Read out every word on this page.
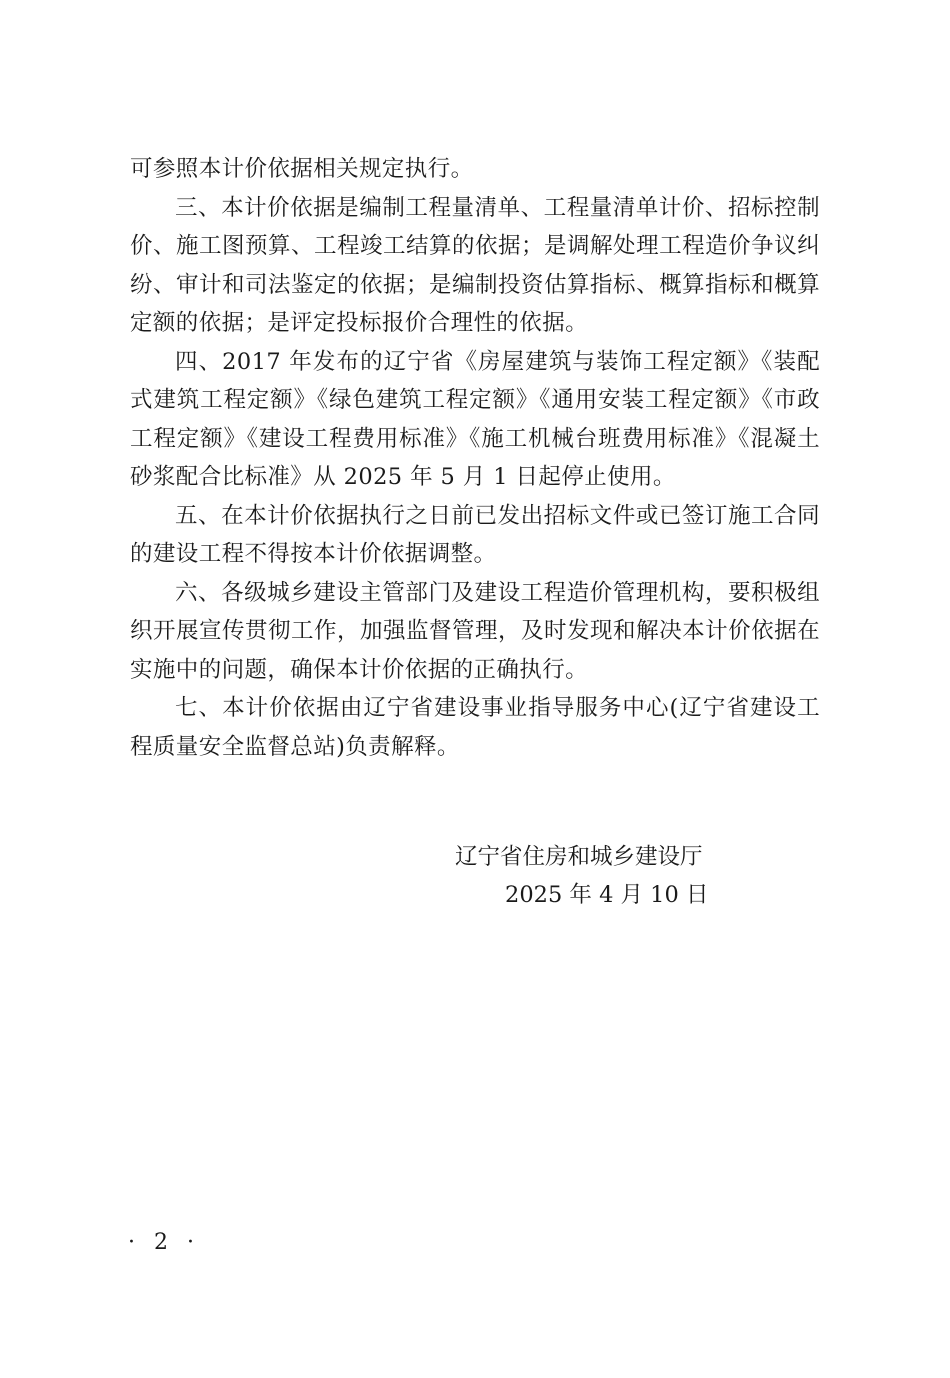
可参照本计价依据相关规定执行。

三、本计价依据是编制工程量清单、工程量清单计价、招标控制价、施工图预算、工程竣工结算的依据；是调解处理工程造价争议纠纷、审计和司法鉴定的依据；是编制投资估算指标、概算指标和概算定额的依据；是评定投标报价合理性的依据。

四、2017 年发布的辽宁省《房屋建筑与装饰工程定额》《装配式建筑工程定额》《绿色建筑工程定额》《通用安装工程定额》《市政工程定额》《建设工程费用标准》《施工机械台班费用标准》《混凝土砂浆配合比标准》从 2025 年 5 月 1 日起停止使用。

五、在本计价依据执行之日前已发出招标文件或已签订施工合同的建设工程不得按本计价依据调整。

六、各级城乡建设主管部门及建设工程造价管理机构，要积极组织开展宣传贯彻工作，加强监督管理，及时发现和解决本计价依据在实施中的问题，确保本计价依据的正确执行。

七、本计价依据由辽宁省建设事业指导服务中心(辽宁省建设工程质量安全监督总站)负责解释。

辽宁省住房和城乡建设厅
2025 年 4 月 10 日
· 2 ·
